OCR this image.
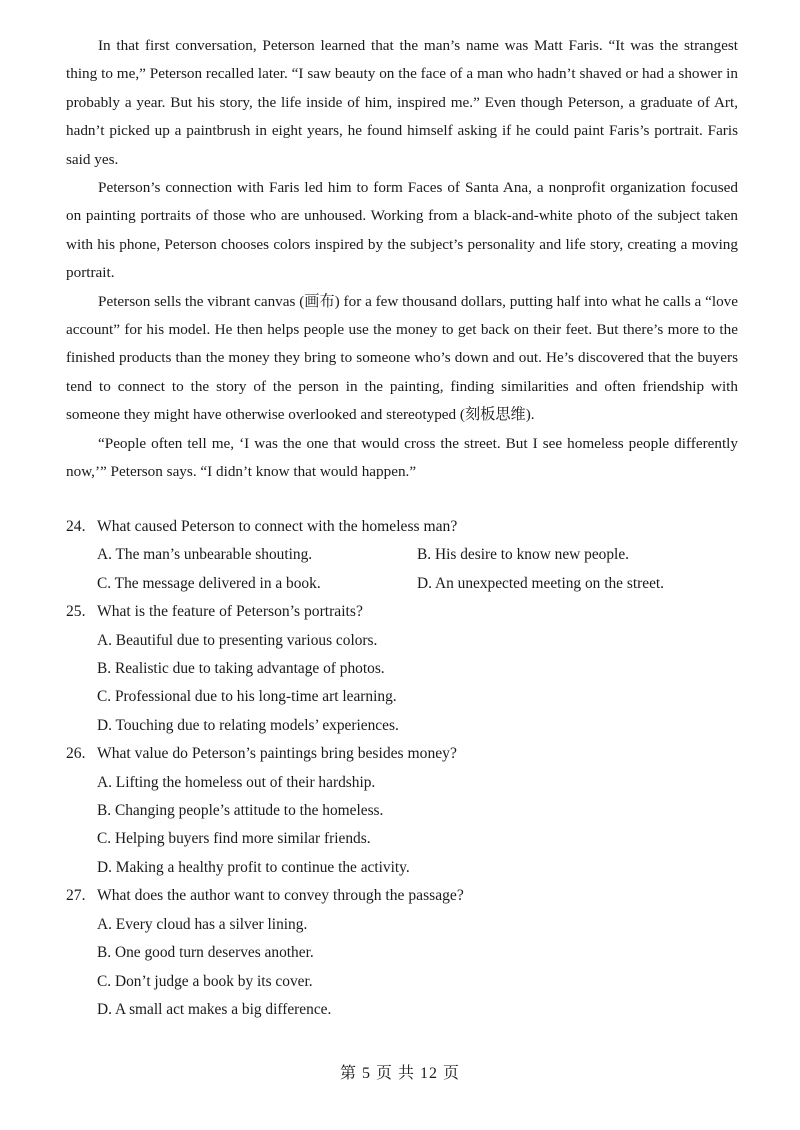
In that first conversation, Peterson learned that the man’s name was Matt Faris. “It was the strangest thing to me,” Peterson recalled later. “I saw beauty on the face of a man who hadn’t shaved or had a shower in probably a year. But his story, the life inside of him, inspired me.” Even though Peterson, a graduate of Art, hadn’t picked up a paintbrush in eight years, he found himself asking if he could paint Faris’s portrait. Faris said yes.

Peterson’s connection with Faris led him to form Faces of Santa Ana, a nonprofit organization focused on painting portraits of those who are unhoused. Working from a black-and-white photo of the subject taken with his phone, Peterson chooses colors inspired by the subject’s personality and life story, creating a moving portrait.

Peterson sells the vibrant canvas (画布) for a few thousand dollars, putting half into what he calls a “love account” for his model. He then helps people use the money to get back on their feet. But there’s more to the finished products than the money they bring to someone who’s down and out. He’s discovered that the buyers tend to connect to the story of the person in the painting, finding similarities and often friendship with someone they might have otherwise overlooked and stereotyped (刻板思维).

“People often tell me, ‘I was the one that would cross the street. But I see homeless people differently now,’” Peterson says. “I didn’t know that would happen.”

24. What caused Peterson to connect with the homeless man?
A. The man’s unbearable shouting.	B. His desire to know new people.
C. The message delivered in a book.	D. An unexpected meeting on the street.
25. What is the feature of Peterson’s portraits?
A. Beautiful due to presenting various colors.
B. Realistic due to taking advantage of photos.
C. Professional due to his long-time art learning.
D. Touching due to relating models’ experiences.
26. What value do Peterson’s paintings bring besides money?
A. Lifting the homeless out of their hardship.
B. Changing people’s attitude to the homeless.
C. Helping buyers find more similar friends.
D. Making a healthy profit to continue the activity.
27. What does the author want to convey through the passage?
A. Every cloud has a silver lining.
B. One good turn deserves another.
C. Don’t judge a book by its cover.
D. A small act makes a big difference.
第 5 页 共 12 页
